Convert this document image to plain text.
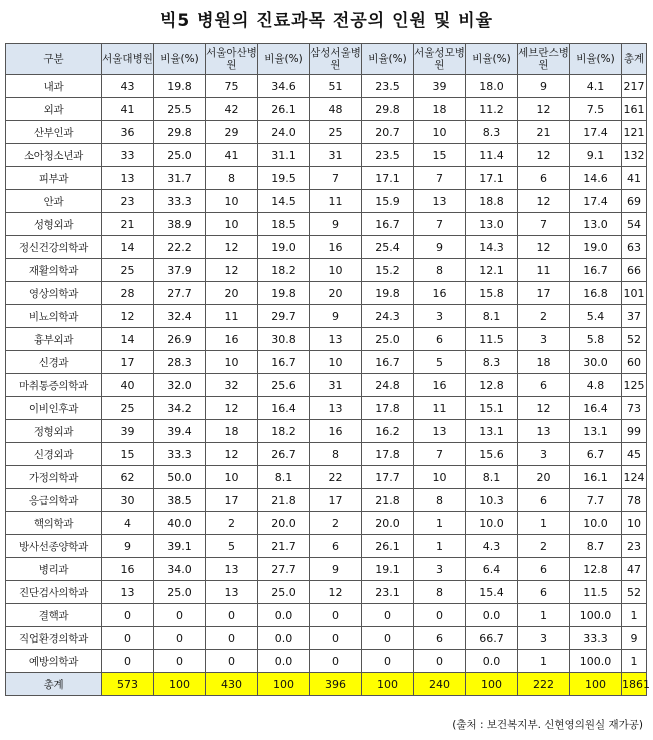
빅5 병원의 진료과목 전공의 인원 및 비율
구분	서울대병원	비율(%)	서울아산병원	비율(%)	삼성서울병원	비율(%)	서울성모병원	비율(%)	세브란스병원	비율(%)	총계
내과	43	19.8	75	34.6	51	23.5	39	18.0	9	4.1	217
외과	41	25.5	42	26.1	48	29.8	18	11.2	12	7.5	161
산부인과	36	29.8	29	24.0	25	20.7	10	8.3	21	17.4	121
소아청소년과	33	25.0	41	31.1	31	23.5	15	11.4	12	9.1	132
피부과	13	31.7	8	19.5	7	17.1	7	17.1	6	14.6	41
안과	23	33.3	10	14.5	11	15.9	13	18.8	12	17.4	69
성형외과	21	38.9	10	18.5	9	16.7	7	13.0	7	13.0	54
정신건강의학과	14	22.2	12	19.0	16	25.4	9	14.3	12	19.0	63
재활의학과	25	37.9	12	18.2	10	15.2	8	12.1	11	16.7	66
영상의학과	28	27.7	20	19.8	20	19.8	16	15.8	17	16.8	101
비뇨의학과	12	32.4	11	29.7	9	24.3	3	8.1	2	5.4	37
흉부외과	14	26.9	16	30.8	13	25.0	6	11.5	3	5.8	52
신경과	17	28.3	10	16.7	10	16.7	5	8.3	18	30.0	60
마취통증의학과	40	32.0	32	25.6	31	24.8	16	12.8	6	4.8	125
이비인후과	25	34.2	12	16.4	13	17.8	11	15.1	12	16.4	73
정형외과	39	39.4	18	18.2	16	16.2	13	13.1	13	13.1	99
신경외과	15	33.3	12	26.7	8	17.8	7	15.6	3	6.7	45
가정의학과	62	50.0	10	8.1	22	17.7	10	8.1	20	16.1	124
응급의학과	30	38.5	17	21.8	17	21.8	8	10.3	6	7.7	78
핵의학과	4	40.0	2	20.0	2	20.0	1	10.0	1	10.0	10
방사선종양학과	9	39.1	5	21.7	6	26.1	1	4.3	2	8.7	23
병리과	16	34.0	13	27.7	9	19.1	3	6.4	6	12.8	47
진단검사의학과	13	25.0	13	25.0	12	23.1	8	15.4	6	11.5	52
결핵과	0	0	0	0.0	0	0	0	0.0	1	100.0	1
직업환경의학과	0	0	0	0.0	0	0	6	66.7	3	33.3	9
예방의학과	0	0	0	0.0	0	0	0	0.0	1	100.0	1
총계	573	100	430	100	396	100	240	100	222	100	1861
(출처 : 보건복지부. 신현영의원실 재가공)
